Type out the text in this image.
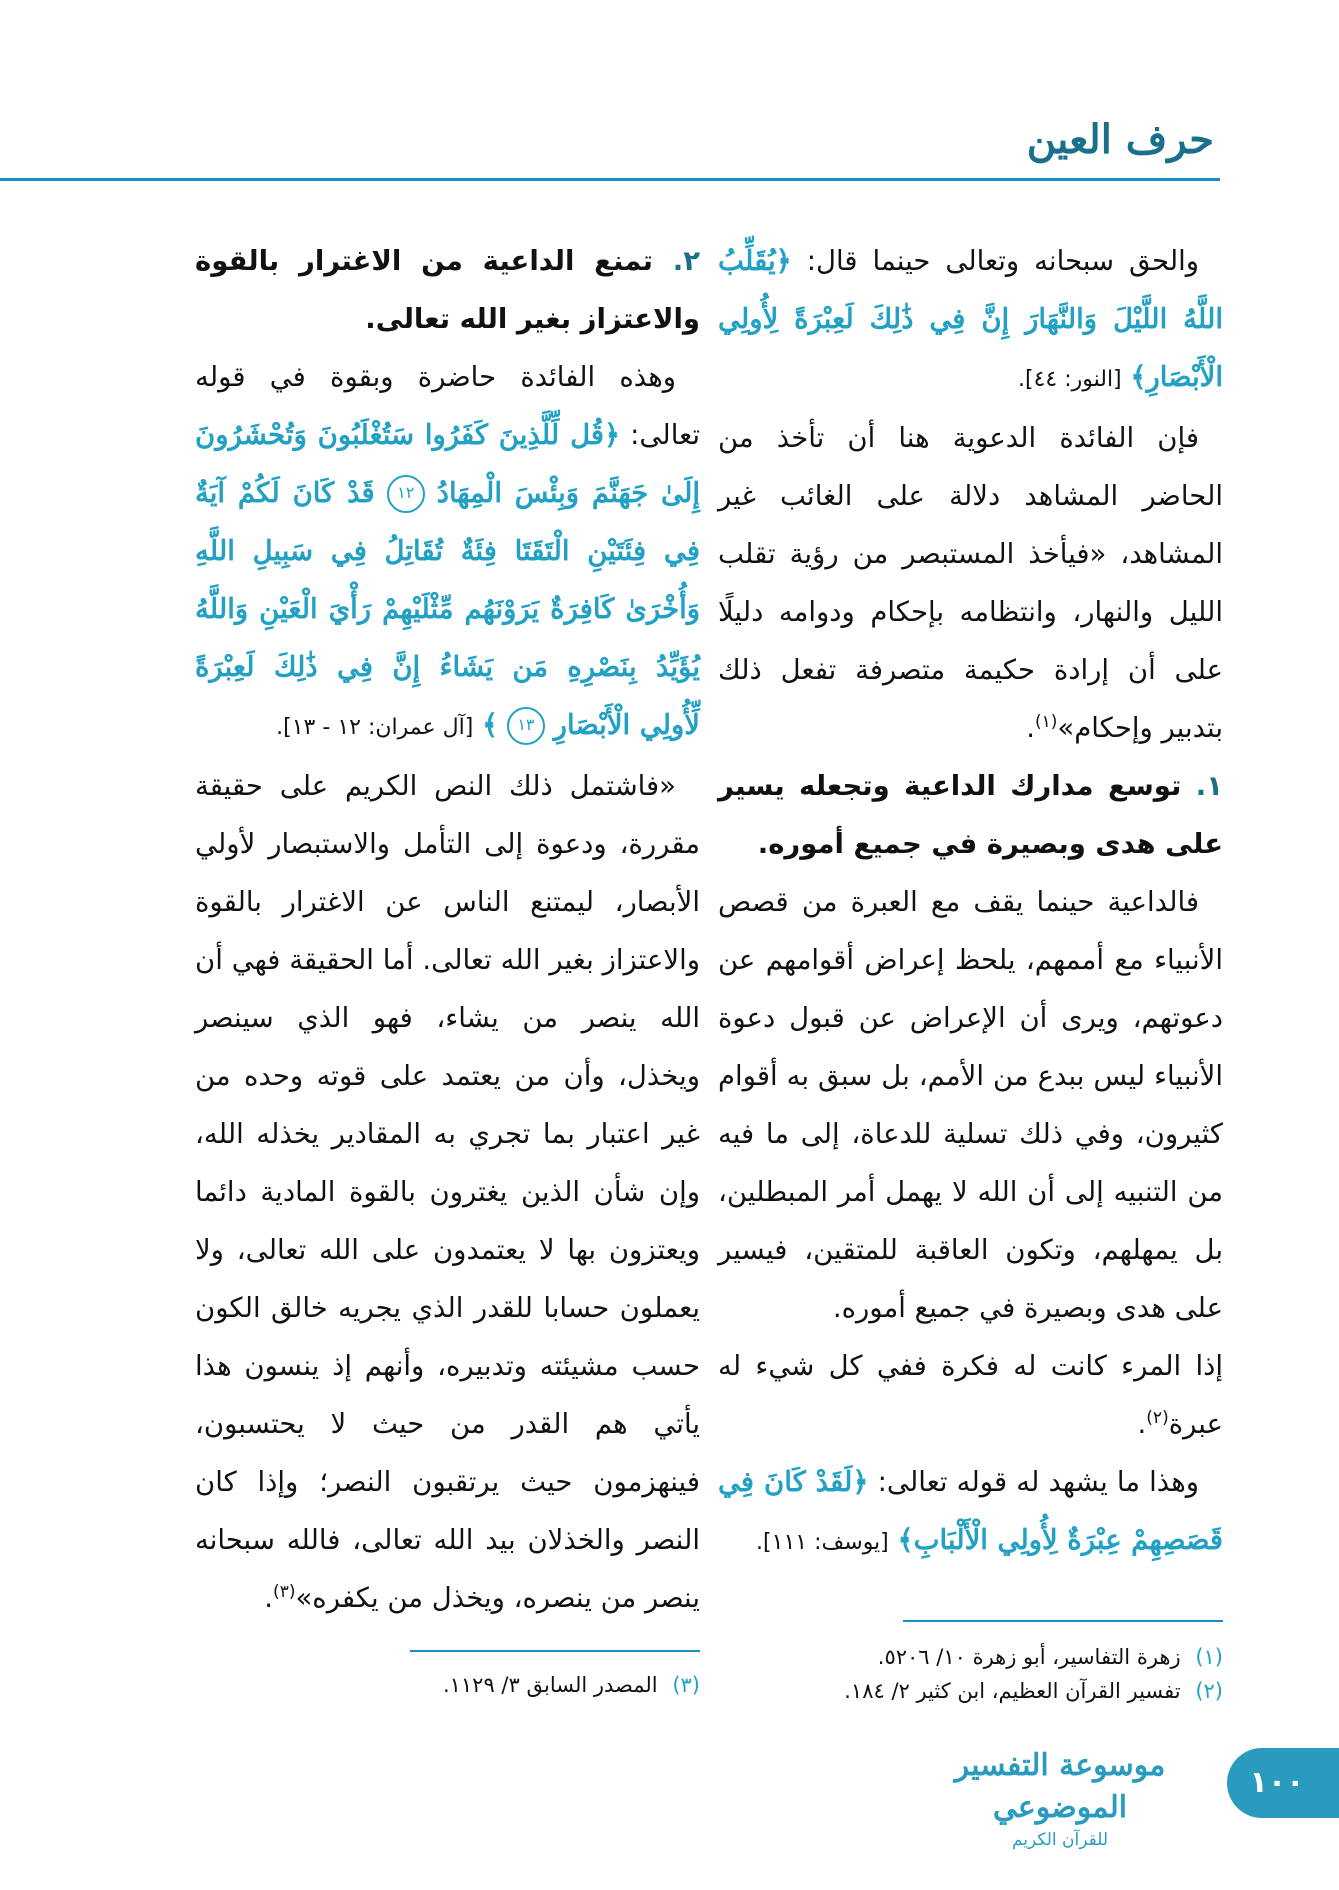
حرف العين

والحق سبحانه وتعالى حينما قال: ﴿يُقَلِّبُ اللَّهُ اللَّيْلَ وَالنَّهَارَ إِنَّ فِي ذَٰلِكَ لَعِبْرَةً لِأُولِي الْأَبْصَارِ﴾ [النور: ٤٤].

فإن الفائدة الدعوية هنا أن تأخذ من الحاضر المشاهد دلالة على الغائب غير المشاهد، «فيأخذ المستبصر من رؤية تقلب الليل والنهار، وانتظامه بإحكام ودوامه دليلًا على أن إرادة حكيمة متصرفة تفعل ذلك بتدبير وإحكام»$^{(١)}$.

١. توسع مدارك الداعية وتجعله يسير على هدى وبصيرة في جميع أموره.

فالداعية حينما يقف مع العبرة من قصص الأنبياء مع أممهم، يلحظ إعراض أقوامهم عن دعوتهم، ويرى أن الإعراض عن قبول دعوة الأنبياء ليس ببدع من الأمم، بل سبق به أقوام كثيرون، وفي ذلك تسلية للدعاة، إلى ما فيه من التنبيه إلى أن الله لا يهمل أمر المبطلين، بل يمهلهم، وتكون العاقبة للمتقين، فيسير على هدى وبصيرة في جميع أموره.

إذا المرء كانت له فكرة ففي كل شيء له عبرة$^{(٢)}$.

وهذا ما يشهد له قوله تعالى: ﴿لَقَدْ كَانَ فِي قَصَصِهِمْ عِبْرَةٌ لِأُولِي الْأَلْبَابِ﴾ [يوسف: ١١١].

٢. تمنع الداعية من الاغترار بالقوة والاعتزاز بغير الله تعالى.

وهذه الفائدة حاضرة وبقوة في قوله تعالى: ﴿قُل لِّلَّذِينَ كَفَرُوا سَتُغْلَبُونَ وَتُحْشَرُونَ إِلَىٰ جَهَنَّمَ وَبِئْسَ الْمِهَادُ ١٢ قَدْ كَانَ لَكُمْ آيَةٌ فِي فِئَتَيْنِ الْتَقَتَا فِئَةٌ تُقَاتِلُ فِي سَبِيلِ اللَّهِ وَأُخْرَىٰ كَافِرَةٌ يَرَوْنَهُم مِّثْلَيْهِمْ رَأْيَ الْعَيْنِ وَاللَّهُ يُؤَيِّدُ بِنَصْرِهِ مَن يَشَاءُ إِنَّ فِي ذَٰلِكَ لَعِبْرَةً لِّأُولِي الْأَبْصَارِ ١٣ ﴾ [آل عمران: ١٢ - ١٣].

«فاشتمل ذلك النص الكريم على حقيقة مقررة، ودعوة إلى التأمل والاستبصار لأولي الأبصار، ليمتنع الناس عن الاغترار بالقوة والاعتزاز بغير الله تعالى. أما الحقيقة فهي أن الله ينصر من يشاء، فهو الذي سينصر ويخذل، وأن من يعتمد على قوته وحده من غير اعتبار بما تجري به المقادير يخذله الله، وإن شأن الذين يغترون بالقوة المادية دائما ويعتزون بها لا يعتمدون على الله تعالى، ولا يعملون حسابا للقدر الذي يجريه خالق الكون حسب مشيئته وتدبيره، وأنهم إذ ينسون هذا يأتي هم القدر من حيث لا يحتسبون، فينهزمون حيث يرتقبون النصر؛ وإذا كان النصر والخذلان بيد الله تعالى، فالله سبحانه ينصر من ينصره، ويخذل من يكفره»$^{(٣)}$.

(١) زهرة التفاسير، أبو زهرة ١٠/ ٥٢٠٦.
(٢) تفسير القرآن العظيم، ابن كثير ٢/ ١٨٤.
(٣) المصدر السابق ٣/ ١١٢٩.
موسوعة التفسير الموضوعي
للقرآن الكريم
١٠٠
